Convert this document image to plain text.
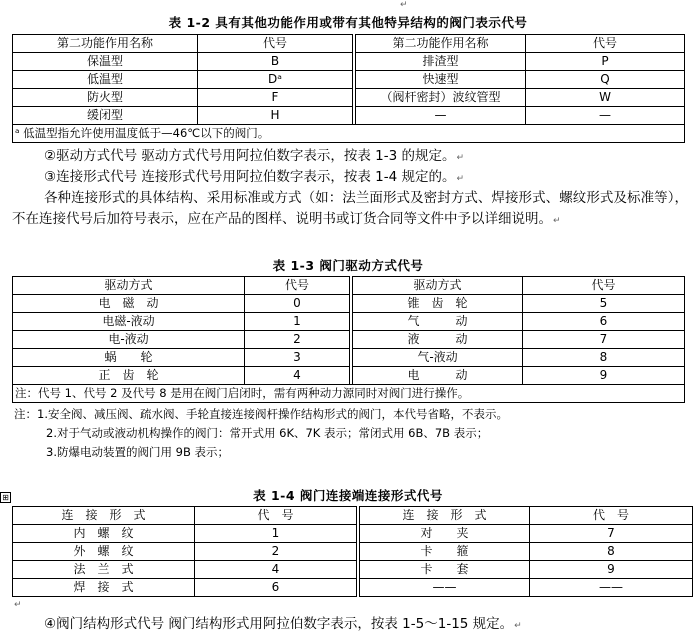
↵
表 1-2 具有其他功能作用或带有其他特异结构的阀门表示代号
第二功能作用名称	代号		第二功能作用名称	代号
保温型	B		排渣型	P
低温型	Dᵃ		快速型	Q
防火型	F		（阀杆密封）波纹管型	W
缓闭型	H		—	—
ᵃ 低温型指允许使用温度低于—46℃以下的阀门。				
②驱动方式代号 驱动方式代号用阿拉伯数字表示，按表 1-3 的规定。↵
③连接形式代号 连接形式代号用阿拉伯数字表示，按表 1-4 规定的。↵
各种连接形式的具体结构、采用标准或方式（如：法兰面形式及密封方式、焊接形式、螺纹形式及标准等），不在连接代号后加符号表示，应在产品的图样、说明书或订货合同等文件中予以详细说明。↵
表 1-3 阀门驱动方式代号
驱动方式	代号		驱动方式	代号
电　磁　动	0		锥　齿　轮	5
电磁-液动	1		气　　　动	6
电-液动	2		液　　　动	7
蜗　　轮	3		气-液动	8
正　齿　轮	4		电　　　动	9
注：代号 1、代号 2 及代号 8 是用在阀门启闭时，需有两种动力源同时对阀门进行操作。				
注：1.安全阀、减压阀、疏水阀、手轮直接连接阀杆操作结构形式的阀门，本代号省略，不表示。
2.对于气动或液动机构操作的阀门：常开式用 6K、7K 表示；常闭式用 6B、7B 表示；
3.防爆电动装置的阀门用 9B 表示；
⊞	表 1-4 阀门连接端连接形式代号
连　接　形　式	代　号		连　接　形　式	代　号
内　螺　纹	1		对　　夹	7
外　螺　纹	2		卡　　箍	8
法　兰　式	4		卡　　套	9
焊　接　式	6		——	——
↵
④阀门结构形式代号 阀门结构形式用阿拉伯数字表示，按表 1-5～1-15 规定。↵
